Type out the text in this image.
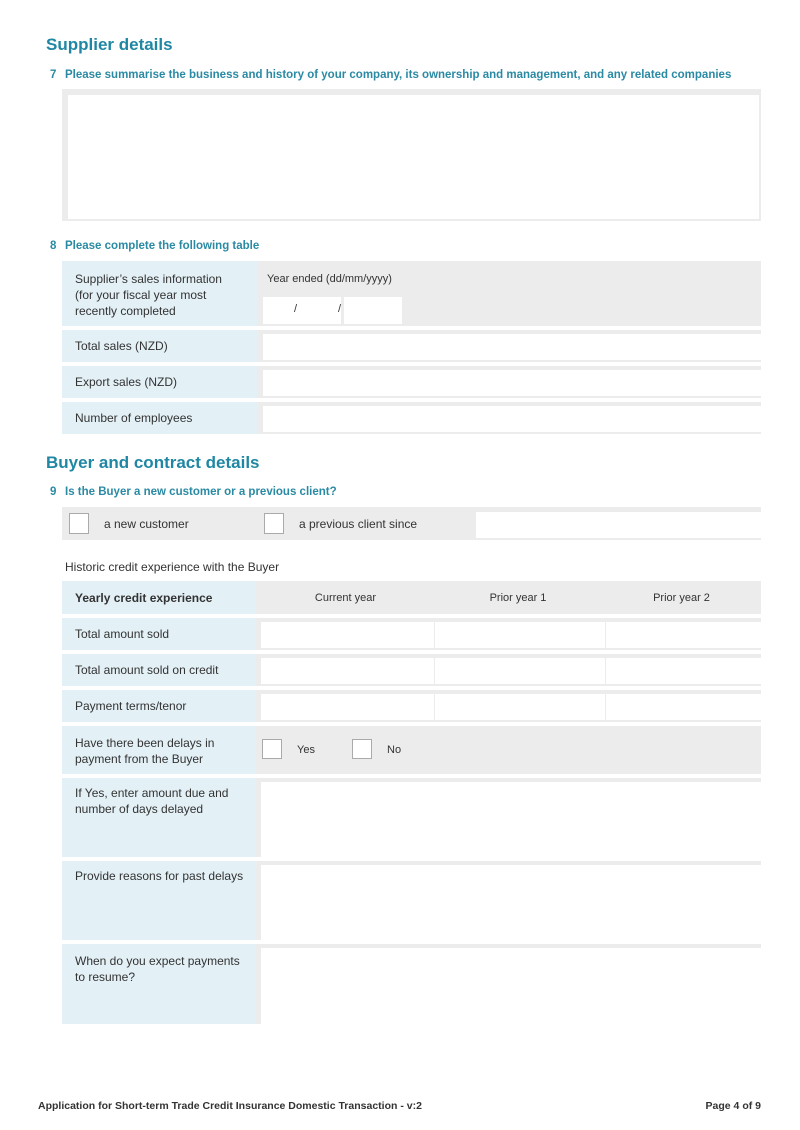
Supplier details
7 Please summarise the business and history of your company, its ownership and management, and any related companies
8 Please complete the following table
Supplier’s sales information
(for your fiscal year most
recently completed
Year ended (dd/mm/yyyy)
/	/
Total sales (NZD)
Export sales (NZD)
Number of employees
Buyer and contract details
9 Is the Buyer a new customer or a previous client?
a new customer	a previous client since
Historic credit experience with the Buyer
Yearly credit experience	Current year	Prior year 1	Prior year 2
Total amount sold
Total amount sold on credit
Payment terms/tenor
Have there been delays in
payment from the Buyer
Yes	No
If Yes, enter amount due and
number of days delayed
Provide reasons for past delays
When do you expect payments
to resume?
Application for Short-term Trade Credit Insurance Domestic Transaction - v:2	Page 4 of 9
